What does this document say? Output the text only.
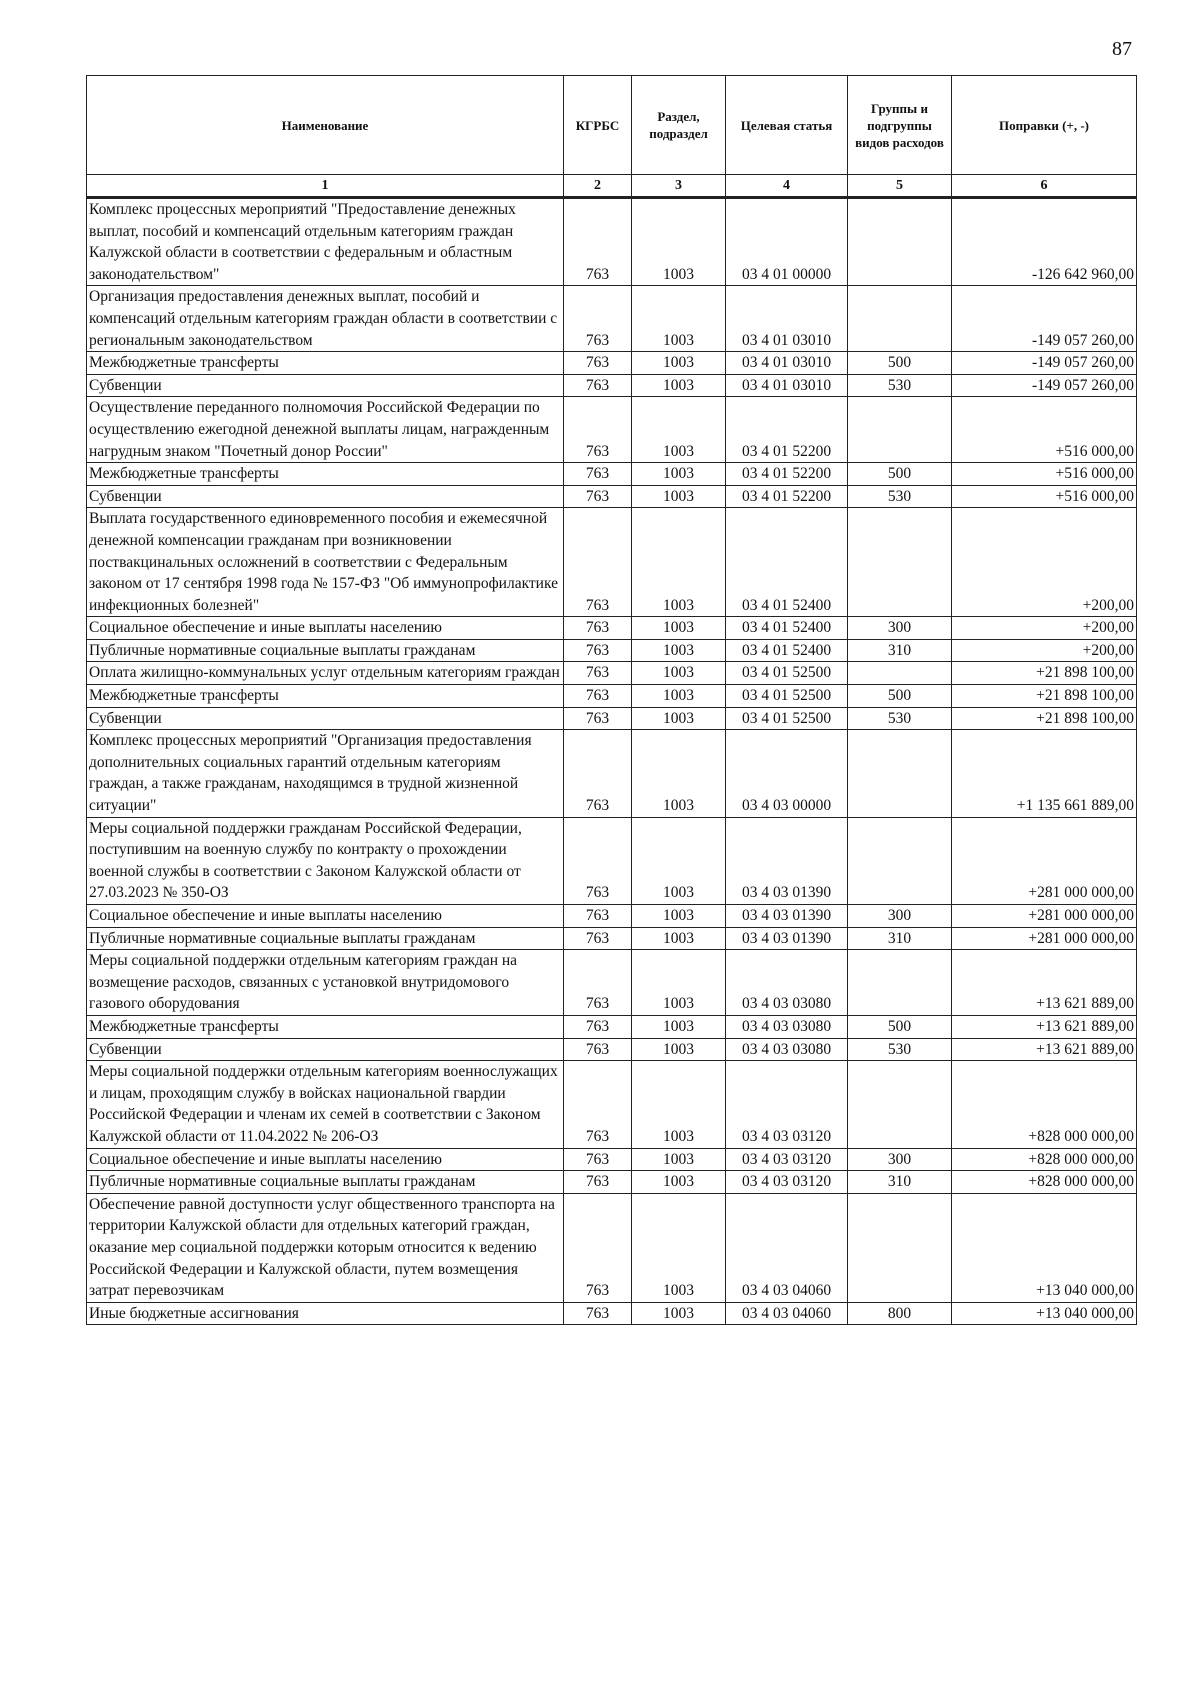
87
Наименование	КГРБС	Раздел, подраздел	Целевая статья	Группы и подгруппы видов расходов	Поправки (+, -)
1	2	3	4	5	6
Комплекс процессных мероприятий "Предоставление денежных выплат, пособий и компенсаций отдельным категориям граждан Калужской области в соответствии с федеральным и областным законодательством"	763	1003	03 4 01 00000		-126 642 960,00
Организация предоставления денежных выплат, пособий и компенсаций отдельным категориям граждан области в соответствии с региональным законодательством	763	1003	03 4 01 03010		-149 057 260,00
Межбюджетные трансферты	763	1003	03 4 01 03010	500	-149 057 260,00
Субвенции	763	1003	03 4 01 03010	530	-149 057 260,00
Осуществление переданного полномочия Российской Федерации по осуществлению ежегодной денежной выплаты лицам, награжденным нагрудным знаком "Почетный донор России"	763	1003	03 4 01 52200		+516 000,00
Межбюджетные трансферты	763	1003	03 4 01 52200	500	+516 000,00
Субвенции	763	1003	03 4 01 52200	530	+516 000,00
Выплата государственного единовременного пособия и ежемесячной денежной компенсации гражданам при возникновении поствакцинальных осложнений в соответствии с Федеральным законом от 17 сентября 1998 года № 157-ФЗ "Об иммунопрофилактике инфекционных болезней"	763	1003	03 4 01 52400		+200,00
Социальное обеспечение и иные выплаты населению	763	1003	03 4 01 52400	300	+200,00
Публичные нормативные социальные выплаты гражданам	763	1003	03 4 01 52400	310	+200,00
Оплата жилищно-коммунальных услуг отдельным категориям граждан	763	1003	03 4 01 52500		+21 898 100,00
Межбюджетные трансферты	763	1003	03 4 01 52500	500	+21 898 100,00
Субвенции	763	1003	03 4 01 52500	530	+21 898 100,00
Комплекс процессных мероприятий "Организация предоставления дополнительных социальных гарантий отдельным категориям граждан, а также гражданам, находящимся в трудной жизненной ситуации"	763	1003	03 4 03 00000		+1 135 661 889,00
Меры социальной поддержки гражданам Российской Федерации, поступившим на военную службу по контракту о прохождении военной службы в соответствии с Законом Калужской области от 27.03.2023 № 350-ОЗ	763	1003	03 4 03 01390		+281 000 000,00
Социальное обеспечение и иные выплаты населению	763	1003	03 4 03 01390	300	+281 000 000,00
Публичные нормативные социальные выплаты гражданам	763	1003	03 4 03 01390	310	+281 000 000,00
Меры социальной поддержки отдельным категориям граждан на возмещение расходов, связанных с установкой внутридомового газового оборудования	763	1003	03 4 03 03080		+13 621 889,00
Межбюджетные трансферты	763	1003	03 4 03 03080	500	+13 621 889,00
Субвенции	763	1003	03 4 03 03080	530	+13 621 889,00
Меры социальной поддержки отдельным категориям военнослужащих и лицам, проходящим службу в войсках национальной гвардии Российской Федерации и членам их семей в соответствии с Законом Калужской области от 11.04.2022 № 206-ОЗ	763	1003	03 4 03 03120		+828 000 000,00
Социальное обеспечение и иные выплаты населению	763	1003	03 4 03 03120	300	+828 000 000,00
Публичные нормативные социальные выплаты гражданам	763	1003	03 4 03 03120	310	+828 000 000,00
Обеспечение равной доступности услуг общественного транспорта на территории Калужской области для отдельных категорий граждан, оказание мер социальной поддержки которым относится к ведению Российской Федерации и Калужской области, путем возмещения затрат перевозчикам	763	1003	03 4 03 04060		+13 040 000,00
Иные бюджетные ассигнования	763	1003	03 4 03 04060	800	+13 040 000,00
